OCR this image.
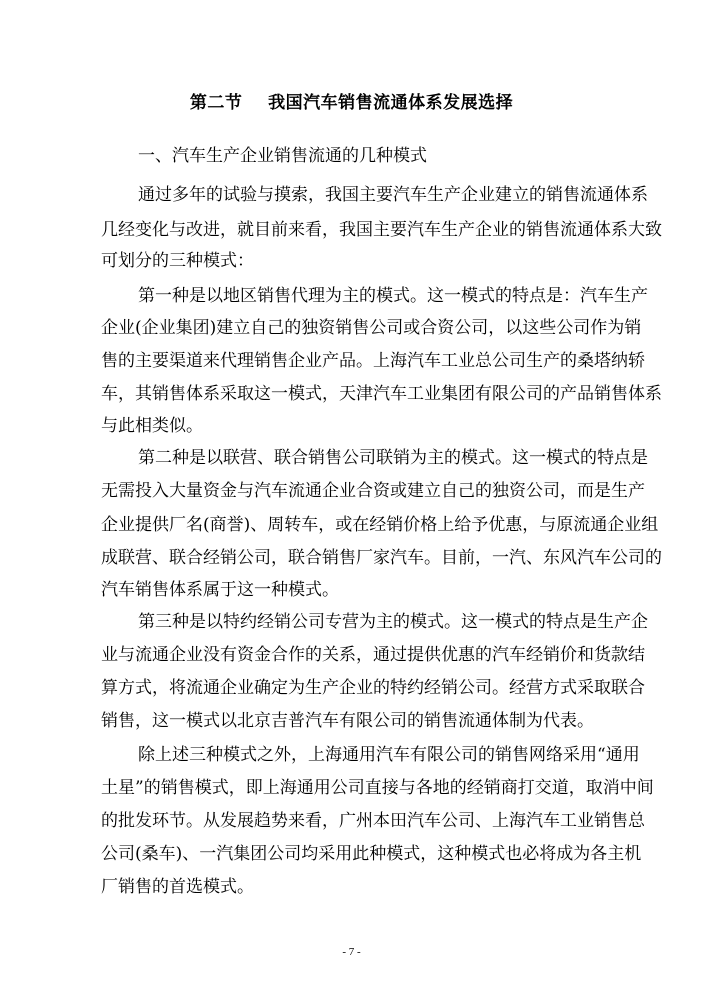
第二节    我国汽车销售流通体系发展选择
一、汽车生产企业销售流通的几种模式
通过多年的试验与摸索，我国主要汽车生产企业建立的销售流通体系
几经变化与改进，就目前来看，我国主要汽车生产企业的销售流通体系大致
可划分的三种模式：
第一种是以地区销售代理为主的模式。这一模式的特点是：汽车生产
企业(企业集团)建立自己的独资销售公司或合资公司，以这些公司作为销
售的主要渠道来代理销售企业产品。上海汽车工业总公司生产的桑塔纳轿
车，其销售体系采取这一模式，天津汽车工业集团有限公司的产品销售体系
与此相类似。
第二种是以联营、联合销售公司联销为主的模式。这一模式的特点是
无需投入大量资金与汽车流通企业合资或建立自己的独资公司，而是生产
企业提供厂名(商誉)、周转车，或在经销价格上给予优惠，与原流通企业组
成联营、联合经销公司，联合销售厂家汽车。目前，一汽、东风汽车公司的
汽车销售体系属于这一种模式。
第三种是以特约经销公司专营为主的模式。这一模式的特点是生产企
业与流通企业没有资金合作的关系，通过提供优惠的汽车经销价和货款结
算方式，将流通企业确定为生产企业的特约经销公司。经营方式采取联合
销售，这一模式以北京吉普汽车有限公司的销售流通体制为代表。
除上述三种模式之外，上海通用汽车有限公司的销售网络采用“通用
土星”的销售模式，即上海通用公司直接与各地的经销商打交道，取消中间
的批发环节。从发展趋势来看，广州本田汽车公司、上海汽车工业销售总
公司(桑车)、一汽集团公司均采用此种模式，这种模式也必将成为各主机
厂销售的首选模式。
- 7 -
